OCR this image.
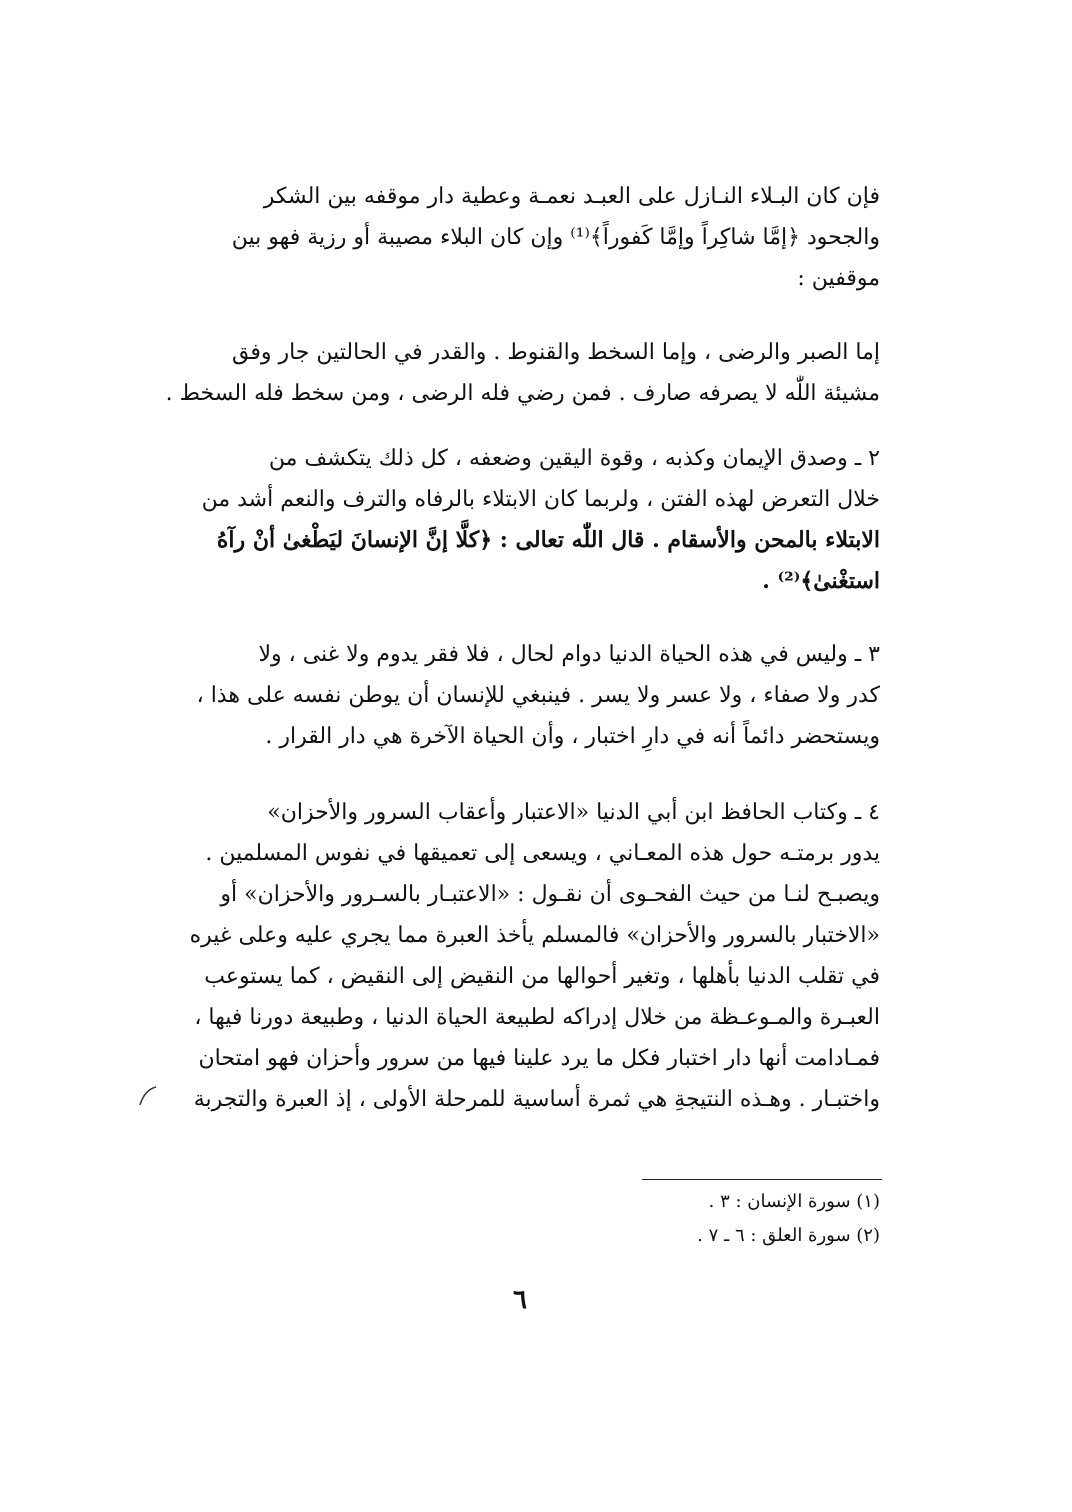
فإن كان البـلاء النـازل على العبـد نعمـة وعطية دار موقفه بين الشكر
والجحود ﴿إمَّا شاكِراً وإمَّا كَفوراً﴾⁽¹⁾ وإن كان البلاء مصيبة أو رزية فهو بين
موقفين :
إما الصبر والرضى ، وإما السخط والقنوط . والقدر في الحالتين جار وفق
مشيئة اللّٰه لا يصرفه صارف . فمن رضي فله الرضى ، ومن سخط فله السخط .
٢ ـ وصدق الإيمان وكذبه ، وقوة اليقين وضعفه ، كل ذلك يتكشف من
خلال التعرض لهذه الفتن ، ولربما كان الابتلاء بالرفاه والترف والنعم أشد من
الابتلاء بالمحن والأسقام . قال اللّٰه تعالى : ﴿كلَّا إنَّ الإنسانَ ليَطْغىٰ أنْ رآهُ
استغْنىٰ﴾⁽²⁾ .
٣ ـ وليس في هذه الحياة الدنيا دوام لحال ، فلا فقر يدوم ولا غنى ، ولا
كدر ولا صفاء ، ولا عسر ولا يسر . فينبغي للإنسان أن يوطن نفسه على هذا ،
ويستحضر دائماً أنه في دارِ اختبار ، وأن الحياة الآخرة هي دار القرار .
٤ ـ وكتاب الحافظ ابن أبي الدنيا «الاعتبار وأعقاب السرور والأحزان»
يدور برمتـه حول هذه المعـاني ، ويسعى إلى تعميقها في نفوس المسلمين .
ويصبـح لنـا من حيث الفحـوى أن نقـول : «الاعتبـار بالسـرور والأحزان» أو
«الاختبار بالسرور والأحزان» فالمسلم يأخذ العبرة مما يجري عليه وعلى غيره
في تقلب الدنيا بأهلها ، وتغير أحوالها من النقيض إلى النقيض ، كما يستوعب
العبـرة والمـوعـظة من خلال إدراكه لطبيعة الحياة الدنيا ، وطبيعة دورنا فيها ،
فمـادامت أنها دار اختبار فكل ما يرد علينا فيها من سرور وأحزان فهو امتحان
واختبـار . وهـذه النتيجةِ هي ثمرة أساسية للمرحلة الأولى ، إذ العبرة والتجربة
(١) سورة الإنسان : ٣ .
(٢) سورة العلق : ٦ ـ ٧ .
٦
